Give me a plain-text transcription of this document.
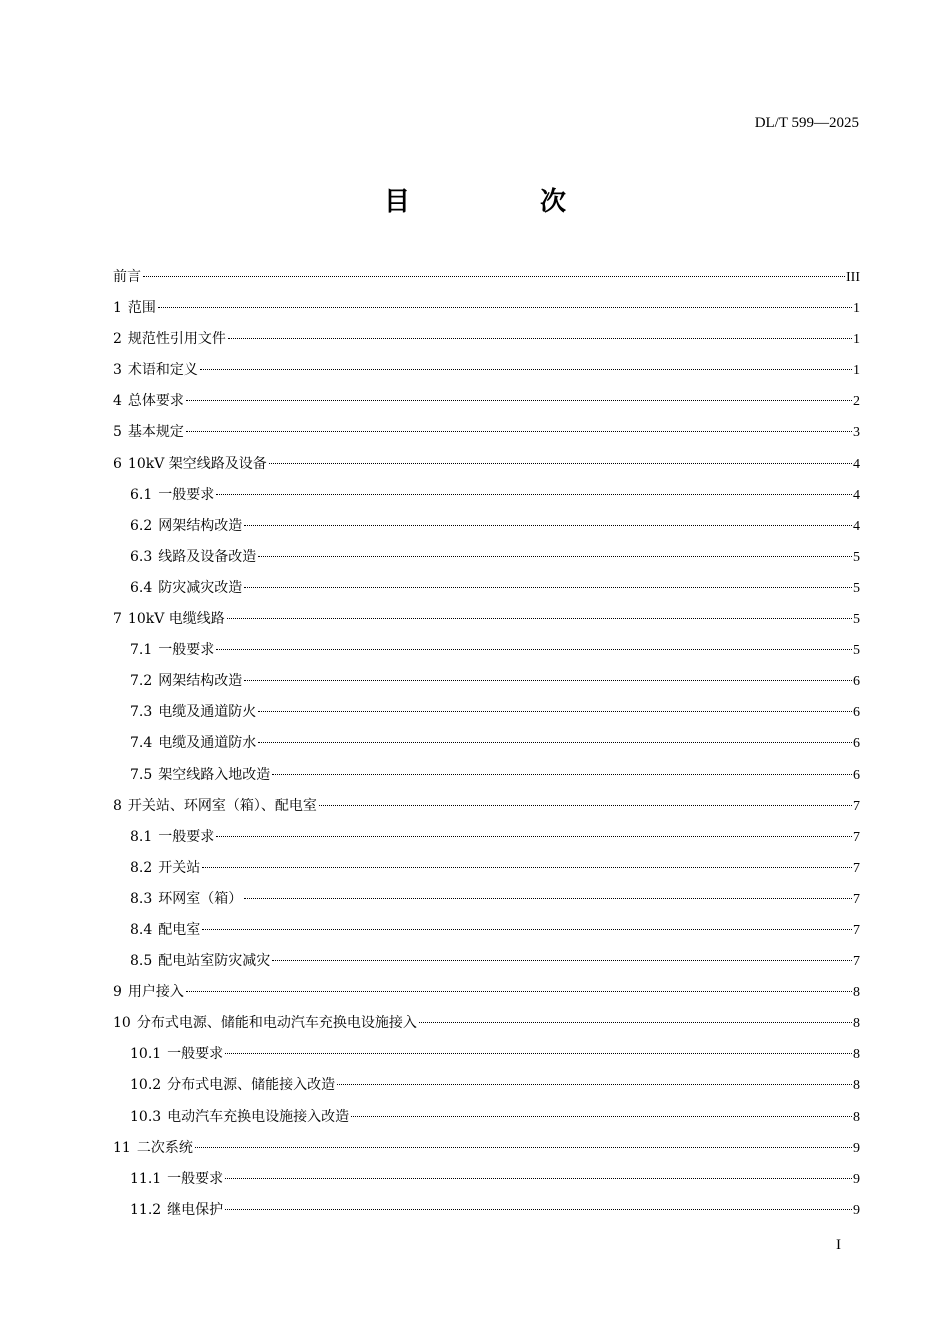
DL/T 599—2025
目　次
前言	III
1 范围	1
2 规范性引用文件	1
3 术语和定义	1
4 总体要求	2
5 基本规定	3
6 10kV 架空线路及设备	4
6.1 一般要求	4
6.2 网架结构改造	4
6.3 线路及设备改造	5
6.4 防灾减灾改造	5
7 10kV 电缆线路	5
7.1 一般要求	5
7.2 网架结构改造	6
7.3 电缆及通道防火	6
7.4 电缆及通道防水	6
7.5 架空线路入地改造	6
8 开关站、环网室（箱）、配电室	7
8.1 一般要求	7
8.2 开关站	7
8.3 环网室（箱）	7
8.4 配电室	7
8.5 配电站室防灾减灾	7
9 用户接入	8
10 分布式电源、储能和电动汽车充换电设施接入	8
10.1 一般要求	8
10.2 分布式电源、储能接入改造	8
10.3 电动汽车充换电设施接入改造	8
11 二次系统	9
11.1 一般要求	9
11.2 继电保护	9
I
